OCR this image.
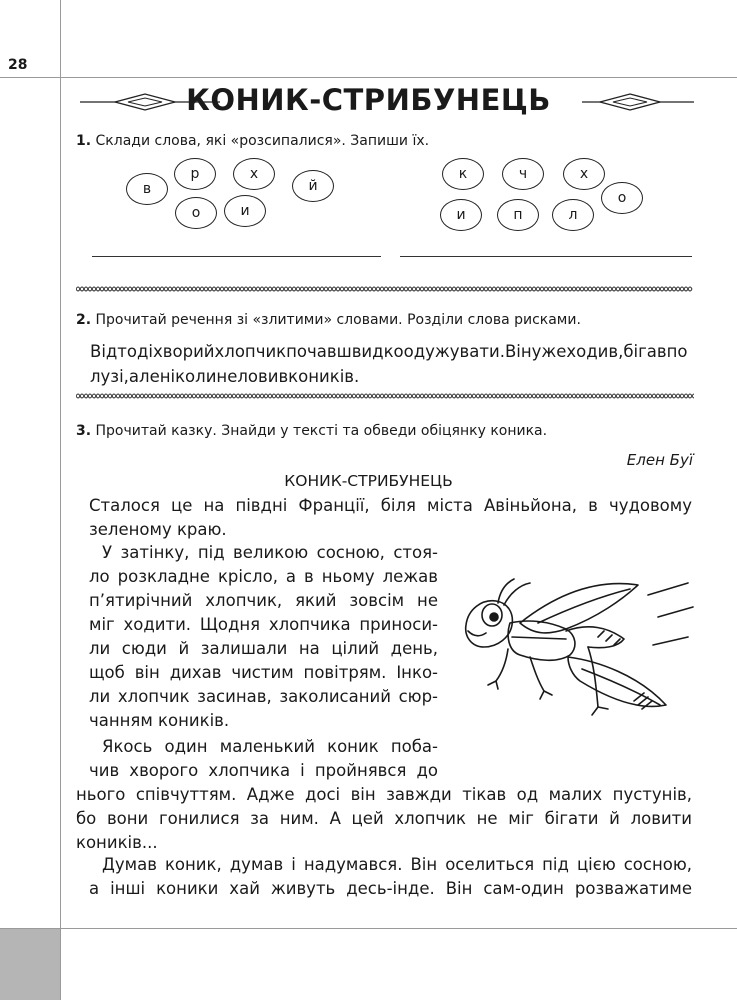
28
КОНИК-СТРИБУНЕЦЬ
1. Склади слова, які «розсипалися». Запиши їх.
в
р
о
х
и
й
к
и
ч
п	л
х
о
2. Прочитай речення зі «злитими» словами. Розділи слова рисками.
Відтодіхворийхлопчикпочавшвидкоодужувати.Вінужеходив,бігавпо
лузі,аленіколинеловивкоників.
3. Прочитай казку. Знайди у тексті та обведи обіцянку коника.
Елен Буї
КОНИК-СТРИБУНЕЦЬ
Сталося це на півдні Франції, біля міста Авіньйона, в чудовому
зеленому краю.
У затінку, під великою сосною, стоя-
ло розкладне крісло, а в ньому лежав
п’ятирічний хлопчик, який зовсім не
міг ходити. Щодня хлопчика приноси-
ли сюди й залишали на цілий день,
щоб він дихав чистим повітрям. Інко-
ли хлопчик засинав, заколисаний сюр-
чанням коників.
Якось один маленький коник поба-
чив хворого хлопчика і пройнявся до
нього співчуттям. Адже досі він завжди тікав од малих пустунів,
бо вони гонилися за ним. А цей хлопчик не міг бігати й ловити
коників...
Думав коник, думав і надумався. Він оселиться під цією сосною,
а інші коники хай живуть десь-інде. Він сам-один розважатиме
